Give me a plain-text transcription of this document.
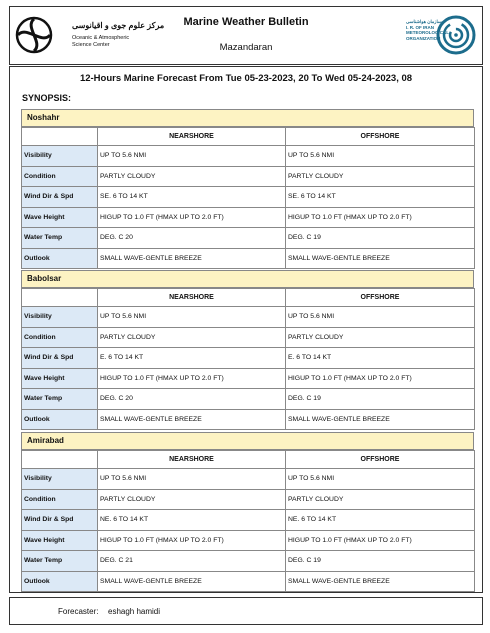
مرکز علوم جوی و اقیانوسی
Oceanic & Atmospheric
Science Center
Marine Weather Bulletin
Mazandaran
سازمان هواشناسی
I. R. OF IRAN
METEOROLOGICAL
ORGANIZATION
12-Hours Marine Forecast From Tue 05-23-2023, 20 To Wed 05-24-2023, 08
SYNOPSIS:
Noshahr
	NEARSHORE	OFFSHORE
Visibility	UP TO 5.6 NMI	UP TO 5.6 NMI
Condition	PARTLY CLOUDY	PARTLY CLOUDY
Wind Dir & Spd	SE. 6 TO 14 KT	SE. 6 TO 14 KT
Wave Height	HIGUP TO 1.0 FT (HMAX UP TO 2.0 FT)	HIGUP TO 1.0 FT (HMAX UP TO 2.0 FT)
Water Temp	DEG. C 20	DEG. C 19
Outlook	SMALL WAVE-GENTLE BREEZE	SMALL WAVE-GENTLE BREEZE
Babolsar
	NEARSHORE	OFFSHORE
Visibility	UP TO 5.6 NMI	UP TO 5.6 NMI
Condition	PARTLY CLOUDY	PARTLY CLOUDY
Wind Dir & Spd	E. 6 TO 14 KT	E. 6 TO 14 KT
Wave Height	HIGUP TO 1.0 FT (HMAX UP TO 2.0 FT)	HIGUP TO 1.0 FT (HMAX UP TO 2.0 FT)
Water Temp	DEG. C 20	DEG. C 19
Outlook	SMALL WAVE-GENTLE BREEZE	SMALL WAVE-GENTLE BREEZE
Amirabad
	NEARSHORE	OFFSHORE
Visibility	UP TO 5.6 NMI	UP TO 5.6 NMI
Condition	PARTLY CLOUDY	PARTLY CLOUDY
Wind Dir & Spd	NE. 6 TO 14 KT	NE. 6 TO 14 KT
Wave Height	HIGUP TO 1.0 FT (HMAX UP TO 2.0 FT)	HIGUP TO 1.0 FT (HMAX UP TO 2.0 FT)
Water Temp	DEG. C 21	DEG. C 19
Outlook	SMALL WAVE-GENTLE BREEZE	SMALL WAVE-GENTLE BREEZE
Forecaster: eshagh hamidi
